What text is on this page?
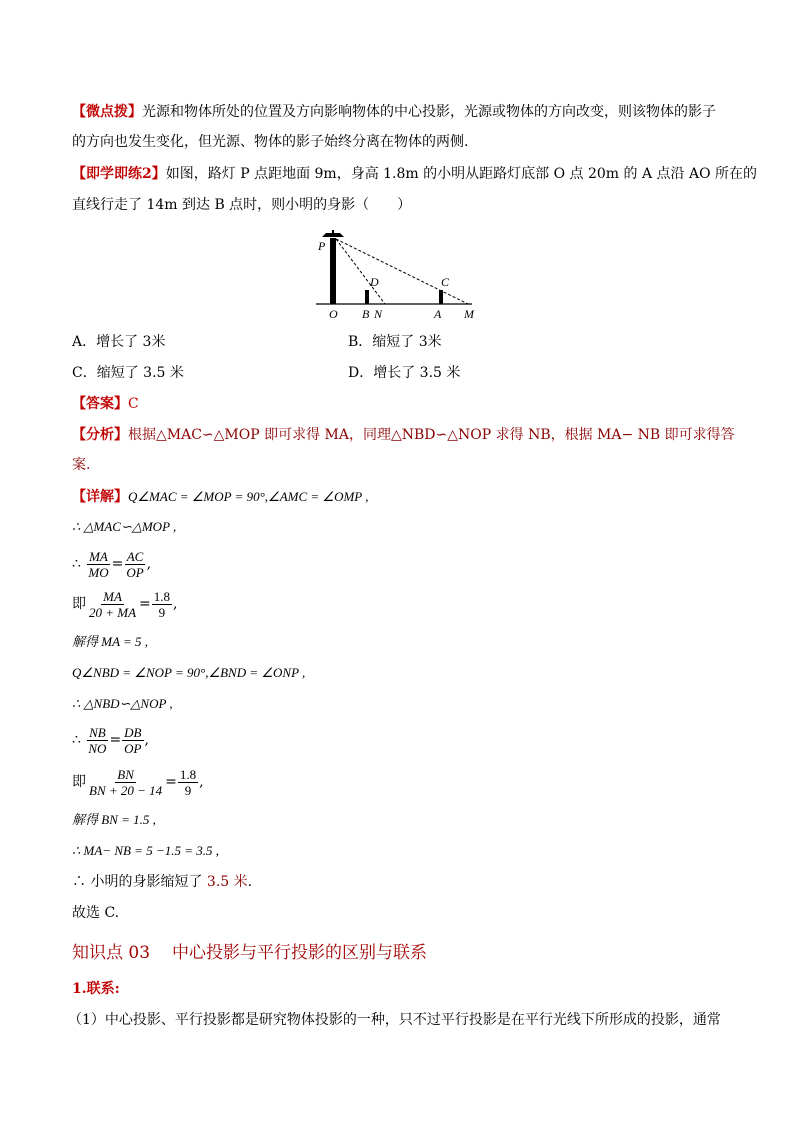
【微点拨】光源和物体所处的位置及方向影响物体的中心投影，光源或物体的方向改变，则该物体的影子
的方向也发生变化，但光源、物体的影子始终分离在物体的两侧.
【即学即练2】如图，路灯 P 点距地面 9m，身高 1.8m 的小明从距路灯底部 O 点 20m 的 A 点沿 AO 所在的
直线行走了 14m 到达 B 点时，则小明的身影（　　）
P
D	C
O B N	A M
A．增长了 3米	B．缩短了 3米
C．缩短了 3.5 米	D．增长了 3.5 米
【答案】C
【分析】根据△MAC∽△MOP 即可求得 MA，同理△NBD∽△NOP 求得 NB，根据 MA− NB 即可求得答
案.
【详解】Q∠MAC = ∠MOP = 90°,∠AMC = ∠OMP ,
∴ △MAC∽△MOP ,
∴ $\frac{MA}{MO} = \frac{AC}{OP}$ ,
即 $\frac{MA}{20 + MA} = \frac{1.8}{9}$ ,
解得 MA = 5 ,
Q∠NBD = ∠NOP = 90°,∠BND = ∠ONP ,
∴ △NBD∽△NOP ,
∴ $\frac{NB}{NO} = \frac{DB}{OP}$ ,
即 $\frac{BN}{BN + 20 - 14} = \frac{1.8}{9}$ ,
解得 BN = 1.5 ,
∴ MA− NB = 5 −1.5 = 3.5 ,
∴ 小明的身影缩短了 3.5 米.
故选 C.
知识点 03 中心投影与平行投影的区别与联系
1.联系:
（1）中心投影、平行投影都是研究物体投影的一种，只不过平行投影是在平行光线下所形成的投影，通常
